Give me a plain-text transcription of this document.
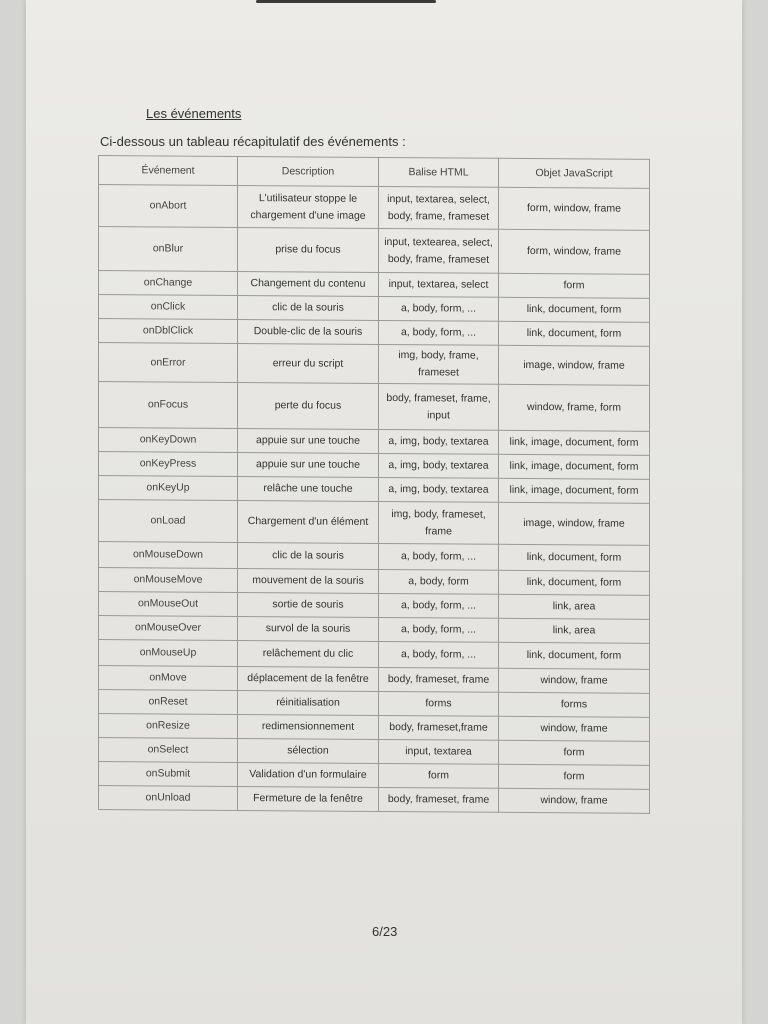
Les événements
Ci-dessous un tableau récapitulatif des événements :
Événement	Description	Balise HTML	Objet JavaScript
onAbort	L'utilisateur stoppe le chargement d'une image	input, textarea, select, body, frame, frameset	form, window, frame
onBlur	prise du focus	input, textearea, select, body, frame, frameset	form, window, frame
onChange	Changement du contenu	input, textarea, select	form
onClick	clic de la souris	a, body, form, ...	link, document, form
onDblClick	Double-clic de la souris	a, body, form, ...	link, document, form
onError	erreur du script	img, body, frame, frameset	image, window, frame
onFocus	perte du focus	body, frameset, frame, input	window, frame, form
onKeyDown	appuie sur une touche	a, img, body, textarea	link, image, document, form
onKeyPress	appuie sur une touche	a, img, body, textarea	link, image, document, form
onKeyUp	relâche une touche	a, img, body, textarea	link, image, document, form
onLoad	Chargement d'un élément	img, body, frameset, frame	image, window, frame
onMouseDown	clic de la souris	a, body, form, ...	link, document, form
onMouseMove	mouvement de la souris	a, body, form	link, document, form
onMouseOut	sortie de souris	a, body, form, ...	link, area
onMouseOver	survol de la souris	a, body, form, ...	link, area
onMouseUp	relâchement du clic	a, body, form, ...	link, document, form
onMove	déplacement de la fenêtre	body, frameset, frame	window, frame
onReset	réinitialisation	forms	forms
onResize	redimensionnement	body, frameset,frame	window, frame
onSelect	sélection	input, textarea	form
onSubmit	Validation d'un formulaire	form	form
onUnload	Fermeture de la fenêtre	body, frameset, frame	window, frame
6/23
